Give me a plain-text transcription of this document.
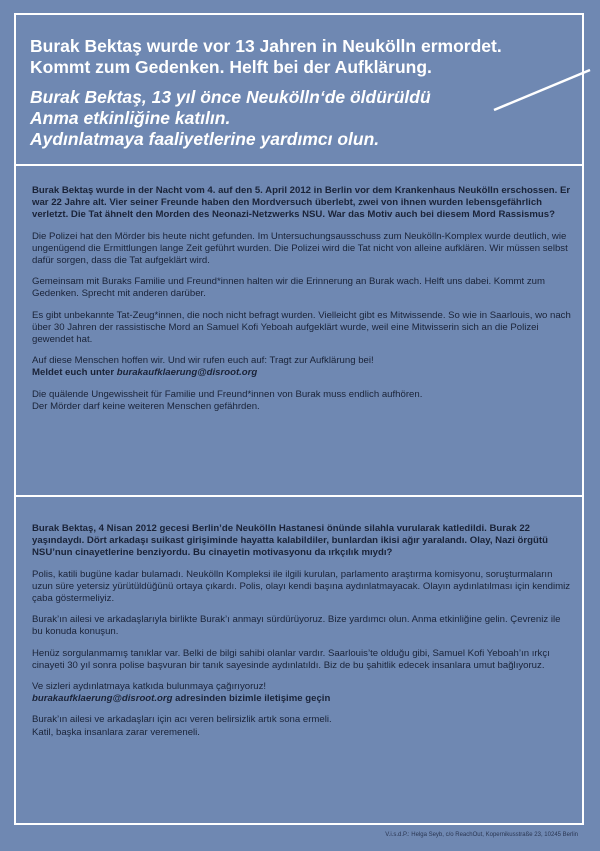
Burak Bektaş wurde vor 13 Jahren in Neukölln ermordet.

Kommt zum Gedenken. Helft bei der Aufklärung.

Burak Bektaş, 13 yıl önce Neukölln‘de öldürüldü

Anma etkinliğine katılın.

Aydınlatmaya faaliyetlerine yardımcı olun.

Burak Bektaş wurde in der Nacht vom 4. auf den 5. April 2012 in Berlin vor dem Krankenhaus Neukölln erschossen. Er war 22 Jahre alt. Vier seiner Freunde haben den Mordversuch überlebt, zwei von ihnen wurden lebensgefährlich verletzt. Die Tat ähnelt den Morden des Neonazi-Netzwerks NSU. War das Motiv auch bei diesem Mord Rassismus?

Die Polizei hat den Mörder bis heute nicht gefunden. Im Untersuchungsausschuss zum Neukölln-Komplex wurde deutlich, wie ungenügend die Ermittlungen lange Zeit geführt wurden. Die Polizei wird die Tat nicht von alleine aufklären. Wir müssen selbst dafür sorgen, dass die Tat aufgeklärt wird.

Gemeinsam mit Buraks Familie und Freund*innen halten wir die Erinnerung an Burak wach. Helft uns dabei. Kommt zum Gedenken. Sprecht mit anderen darüber.

Es gibt unbekannte Tat-Zeug*innen, die noch nicht befragt wurden. Vielleicht gibt es Mitwissende. So wie in Saarlouis, wo nach über 30 Jahren der rassistische Mord an Samuel Kofi Yeboah aufgeklärt wurde, weil eine Mitwisserin sich an die Polizei gewendet hat.

Auf diese Menschen hoffen wir. Und wir rufen euch auf: Tragt zur Aufklärung bei!
Meldet euch unter burakaufklaerung@disroot.org

Die quälende Ungewissheit für Familie und Freund*innen von Burak muss endlich aufhören.
Der Mörder darf keine weiteren Menschen gefährden.

Burak Bektaş, 4 Nisan 2012 gecesi Berlin’de Neukölln Hastanesi önünde silahla vurularak katledildi. Burak 22 yaşındaydı. Dört arkadaşı suikast girişiminde hayatta kalabildiler, bunlardan ikisi ağır yaralandı. Olay, Nazi örgütü NSU’nun cinayetlerine benziyordu. Bu cinayetin motivasyonu da ırkçılık mıydı?

Polis, katili bugüne kadar bulamadı. Neukölln Kompleksi ile ilgili kurulan, parlamento araştırma komisyonu, soruşturmaların uzun süre yetersiz yürütüldüğünü ortaya çıkardı. Polis, olayı kendi başına aydınlatmayacak. Olayın aydınlatılması için kendimiz çaba göstermeliyiz.

Burak’ın ailesi ve arkadaşlarıyla birlikte Burak’ı anmayı sürdürüyoruz. Bize yardımcı olun. Anma etkinliğine gelin. Çevreniz ile bu konuda konuşun.

Henüz sorgulanmamış tanıklar var. Belki de bilgi sahibi olanlar vardır. Saarlouis’te olduğu gibi, Samuel Kofi Yeboah’ın ırkçı cinayeti 30 yıl sonra polise başvuran bir tanık sayesinde aydınlatıldı. Biz de bu şahitlik edecek insanlara umut bağlıyoruz.

Ve sizleri aydınlatmaya katkıda bulunmaya çağırıyoruz!
burakaufklaerung@disroot.org adresinden bizimle iletişime geçin

Burak’ın ailesi ve arkadaşları için acı veren belirsizlik artık sona ermeli.
Katil, başka insanlara zarar veremeneli.

V.i.s.d.P.: Helga Seyb, c/o ReachOut, Kopernikusstraße 23, 10245 Berlin
